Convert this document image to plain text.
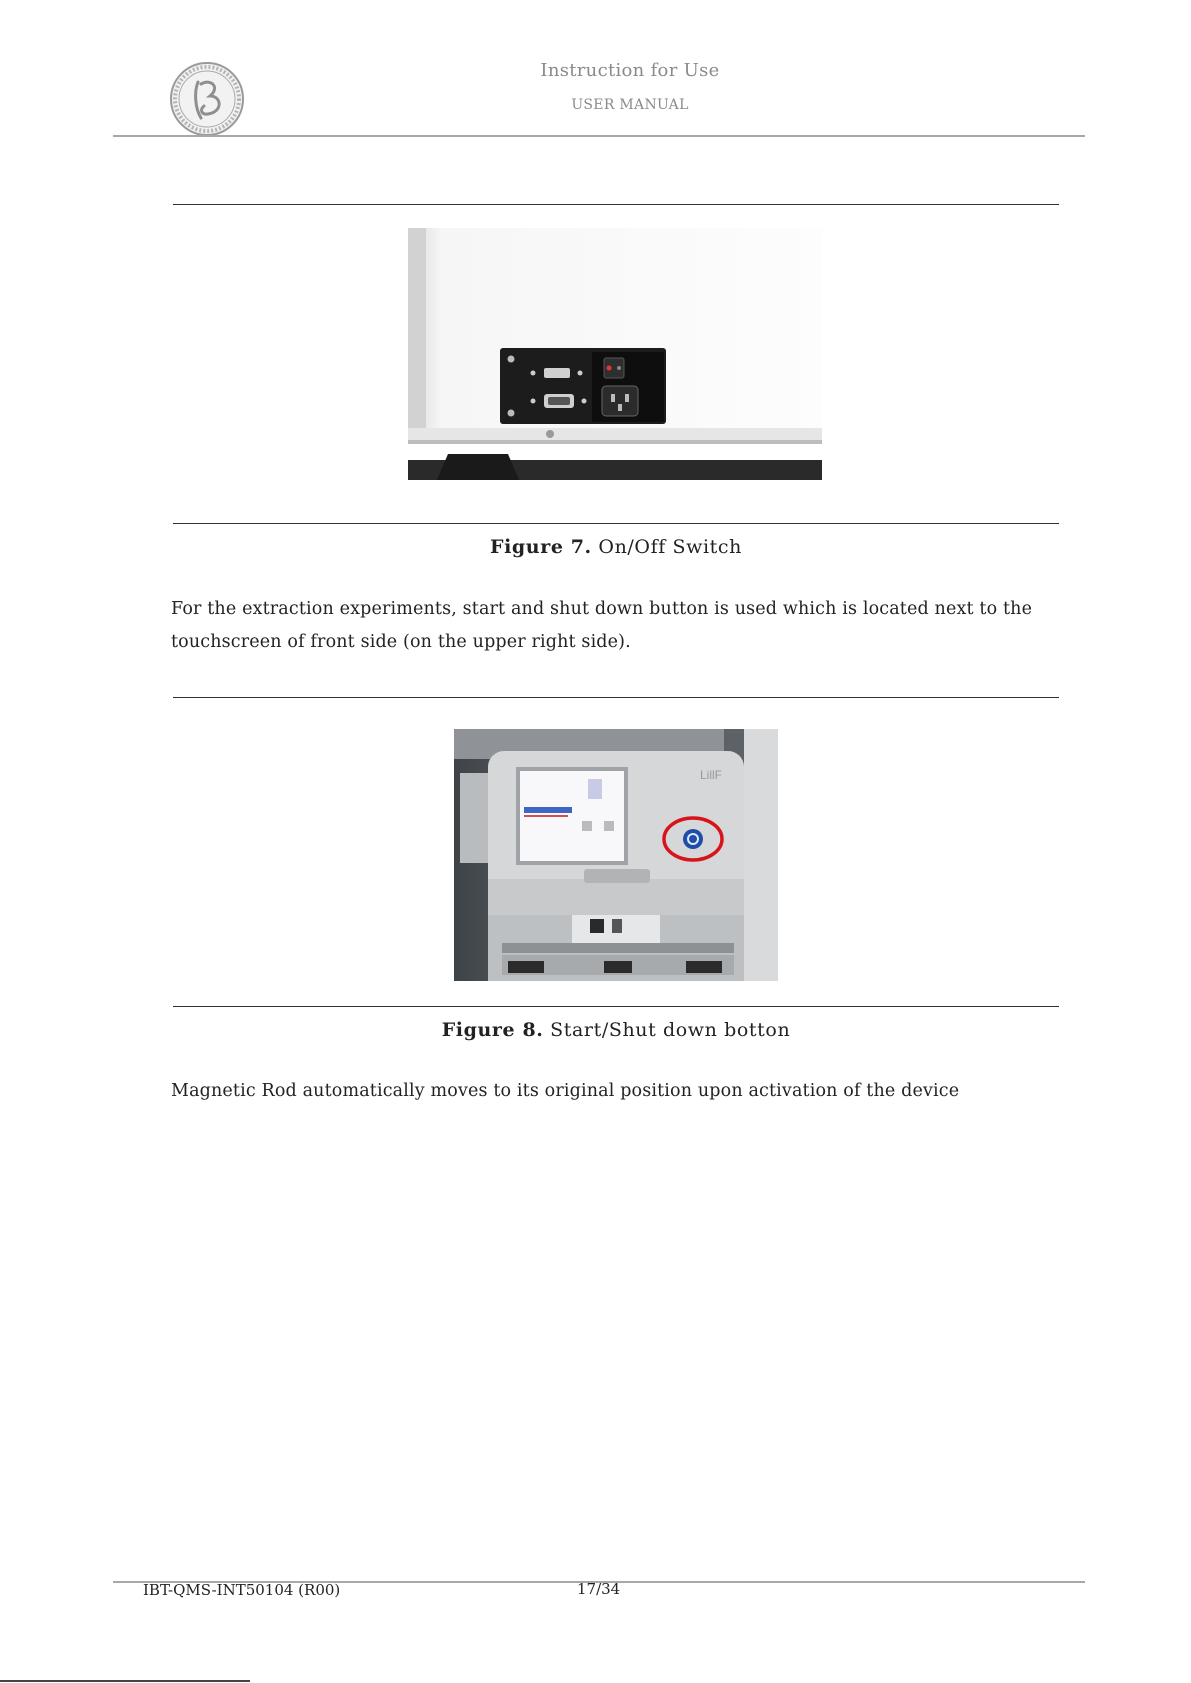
Instruction for Use
USER MANUAL
Figure 7. On/Off Switch
For the extraction experiments, start and shut down button is used which is located next to the
touchscreen of front side (on the upper right side).
LillF
Figure 8. Start/Shut down botton
Magnetic Rod automatically moves to its original position upon activation of the device
IBT-QMS-INT50104 (R00)	17/34
